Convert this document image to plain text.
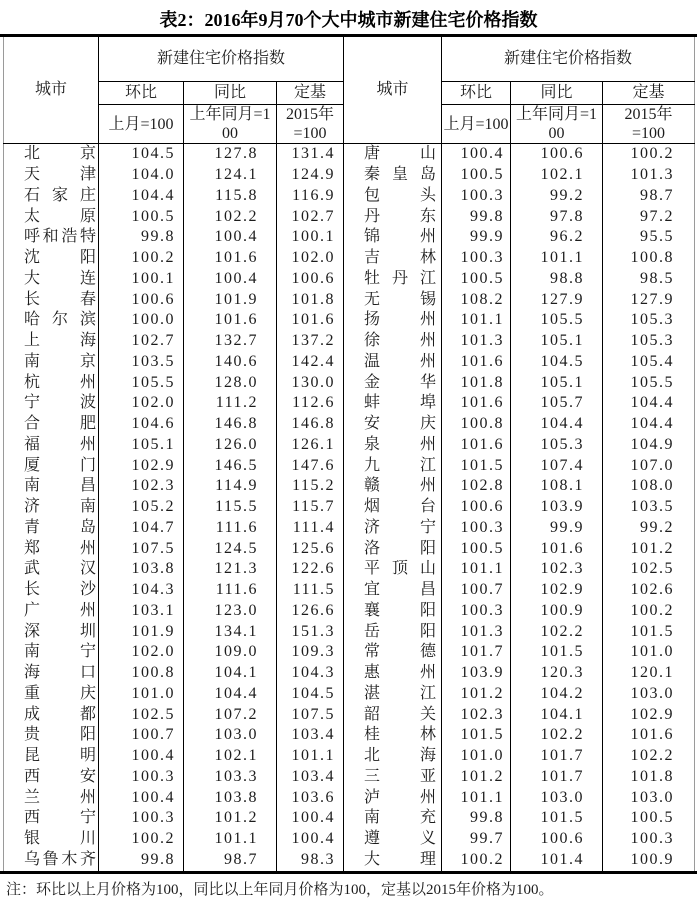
表2：2016年9月70个大中城市新建住宅价格指数
城市	新建住宅价格指数			城市	新建住宅价格指数		
	环比	同比	定基		环比	同比	定基
	上月=100	上年同月=100	2015年=100		上月=100	上年同月=100	2015年=100

北 京	104.5	127.8	131.4	唐 山	100.4	100.6	100.2

天 津	104.0	124.1	124.9	秦 皇 岛	100.5	102.1	101.3

石 家 庄	104.4	115.8	116.9	包 头	100.3	99.2	98.7

太 原	100.5	102.2	102.7	丹 东	99.8	97.8	97.2

呼 和 浩 特	99.8	100.4	100.1	锦 州	99.9	96.2	95.5

沈 阳	100.2	101.6	102.0	吉 林	100.3	101.1	100.8

大 连	100.1	100.4	100.6	牡 丹 江	100.5	98.8	98.5

长 春	100.6	101.9	101.8	无 锡	108.2	127.9	127.9

哈 尔 滨	100.0	101.6	101.6	扬 州	101.1	105.5	105.3

上 海	102.7	132.7	137.2	徐 州	101.3	105.1	105.3

南 京	103.5	140.6	142.4	温 州	101.6	104.5	105.4

杭 州	105.5	128.0	130.0	金 华	101.8	105.1	105.5

宁 波	102.0	111.2	112.6	蚌 埠	101.6	105.7	104.4

合 肥	104.6	146.8	146.8	安 庆	100.8	104.4	104.4

福 州	105.1	126.0	126.1	泉 州	101.6	105.3	104.9

厦 门	102.9	146.5	147.6	九 江	101.5	107.4	107.0

南 昌	102.3	114.9	115.2	赣 州	102.8	108.1	108.0

济 南	105.2	115.5	115.7	烟 台	100.6	103.9	103.5

青 岛	104.7	111.6	111.4	济 宁	100.3	99.9	99.2

郑 州	107.5	124.5	125.6	洛 阳	100.5	101.6	101.2

武 汉	103.8	121.3	122.6	平 顶 山	101.1	102.3	102.5

长 沙	104.3	111.6	111.5	宜 昌	100.7	102.9	102.6

广 州	103.1	123.0	126.6	襄 阳	100.3	100.9	100.2

深 圳	101.9	134.1	151.3	岳 阳	101.3	102.2	101.5

南 宁	102.0	109.0	109.3	常 德	101.7	101.5	101.0

海 口	100.8	104.1	104.3	惠 州	103.9	120.3	120.1

重 庆	101.0	104.4	104.5	湛 江	101.2	104.2	103.0

成 都	102.5	107.2	107.5	韶 关	102.3	104.1	102.9

贵 阳	100.7	103.0	103.4	桂 林	101.5	102.2	101.6

昆 明	100.4	102.1	101.1	北 海	101.0	101.7	102.2

西 安	100.3	103.3	103.4	三 亚	101.2	101.7	101.8

兰 州	100.4	103.8	103.6	泸 州	101.1	103.0	103.0

西 宁	100.3	101.2	100.4	南 充	99.8	101.5	100.5

银 川	100.2	101.1	100.4	遵 义	99.7	100.6	100.3

乌 鲁 木 齐	99.8	98.7	98.3	大 理	100.2	101.4	100.9
注：环比以上月价格为100，同比以上年同月价格为100，定基以2015年价格为100。
